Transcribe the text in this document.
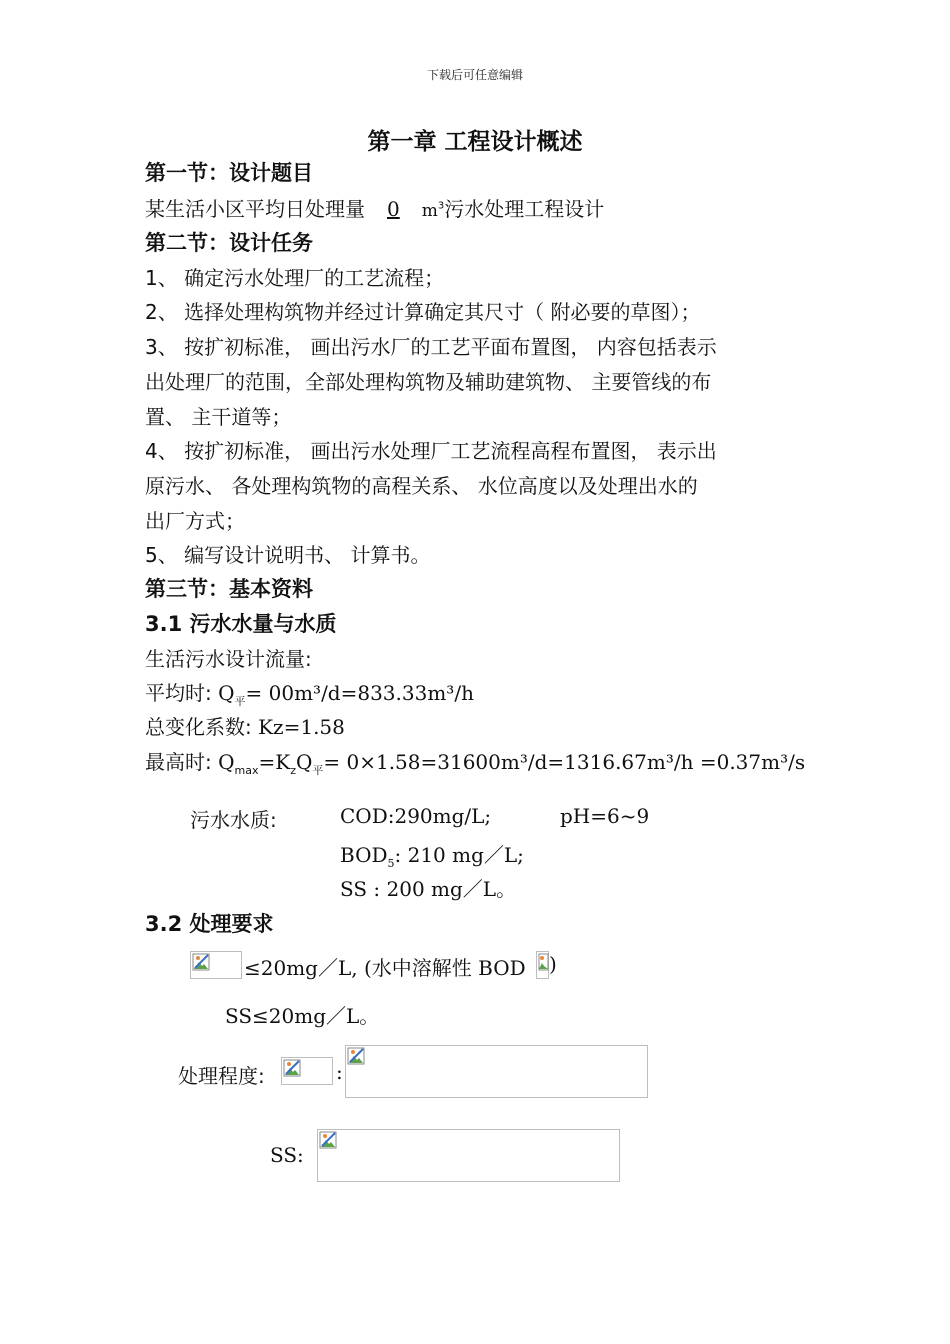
下载后可任意编辑
第一章 工程设计概述
第一节：设计题目
某生活小区平均日处理量 0 $m^3$污水处理工程设计
第二节：设计任务
1、 确定污水处理厂的工艺流程；
2、 选择处理构筑物并经过计算确定其尺寸（ 附必要的草图）；
3、 按扩初标准， 画出污水厂的工艺平面布置图， 内容包括表示
出处理厂的范围，全部处理构筑物及辅助建筑物、 主要管线的布
置、 主干道等；
4、 按扩初标准， 画出污水处理厂工艺流程高程布置图， 表示出
原污水、 各处理构筑物的高程关系、 水位高度以及处理出水的
出厂方式；
5、 编写设计说明书、 计算书。
第三节：基本资料
3.1 污水水量与水质
生活污水设计流量:
平均时: $Q_平= 00m^3/d=833.33m^3/h$
总变化系数: Kz=1.58
最高时: $Q_{max}=K_zQ_平= 0\times 1.58=31600m^3/d=1316.67m^3/h =0.37m^3/s$
污水水质:	COD:290mg/L;	pH=6~9
$BOD_5$: 210 mg／L;
SS : 200 mg／L。
3.2 处理要求
≤20mg／L, (水中溶解性 BOD )
SS≤20mg／L。
处理程度:	:
SS:
